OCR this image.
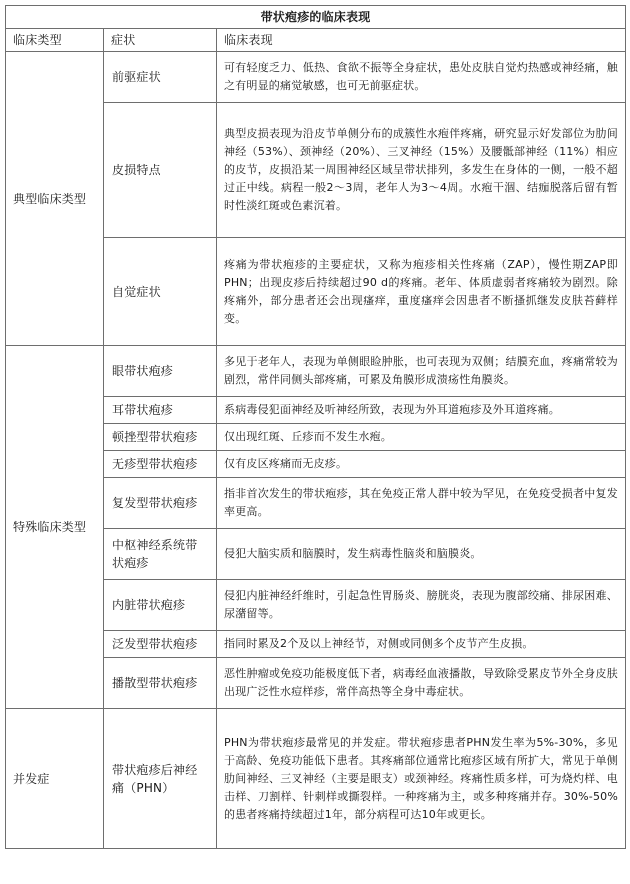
带状疱疹的临床表现		
临床类型	症状	临床表现
典型临床类型	前驱症状	可有轻度乏力、低热、食欲不振等全身症状，患处皮肤自觉灼热感或神经痛，触之有明显的痛觉敏感，也可无前驱症状。
	皮损特点	典型皮损表现为沿皮节单侧分布的成簇性水疱伴疼痛，研究显示好发部位为肋间神经（53%）、颈神经（20%）、三叉神经（15%）及腰骶部神经（11%）相应的皮节，皮损沿某一周围神经区域呈带状排列，多发生在身体的一侧，一般不超过正中线。病程一般2～3周，老年人为3～4周。水疱干涸、结痂脱落后留有暂时性淡红斑或色素沉着。
	自觉症状	疼痛为带状疱疹的主要症状，又称为疱疹相关性疼痛（ZAP），慢性期ZAP即PHN；出现皮疹后持续超过90 d的疼痛。老年、体质虚弱者疼痛较为剧烈。除疼痛外，部分患者还会出现瘙痒，重度瘙痒会因患者不断搔抓继发皮肤苔藓样变。
特殊临床类型	眼带状疱疹	多见于老年人，表现为单侧眼睑肿胀，也可表现为双侧；结膜充血，疼痛常较为剧烈，常伴同侧头部疼痛，可累及角膜形成溃疡性角膜炎。
	耳带状疱疹	系病毒侵犯面神经及听神经所致，表现为外耳道疱疹及外耳道疼痛。
	顿挫型带状疱疹	仅出现红斑、丘疹而不发生水疱。
	无疹型带状疱疹	仅有皮区疼痛而无皮疹。
	复发型带状疱疹	指非首次发生的带状疱疹，其在免疫正常人群中较为罕见，在免疫受损者中复发率更高。
	中枢神经系统带状疱疹	侵犯大脑实质和脑膜时，发生病毒性脑炎和脑膜炎。
	内脏带状疱疹	侵犯内脏神经纤维时，引起急性胃肠炎、膀胱炎，表现为腹部绞痛、排尿困难、尿潴留等。
	泛发型带状疱疹	指同时累及2个及以上神经节，对侧或同侧多个皮节产生皮损。
	播散型带状疱疹	恶性肿瘤或免疫功能极度低下者，病毒经血液播散，导致除受累皮节外全身皮肤出现广泛性水痘样疹，常伴高热等全身中毒症状。
并发症	带状疱疹后神经痛（PHN）	PHN为带状疱疹最常见的并发症。带状疱疹患者PHN发生率为5%-30%，多见于高龄、免疫功能低下患者。其疼痛部位通常比疱疹区域有所扩大，常见于单侧肋间神经、三叉神经（主要是眼支）或颈神经。疼痛性质多样，可为烧灼样、电击样、刀割样、针刺样或撕裂样。一种疼痛为主，或多种疼痛并存。30%-50%的患者疼痛持续超过1年，部分病程可达10年或更长。
